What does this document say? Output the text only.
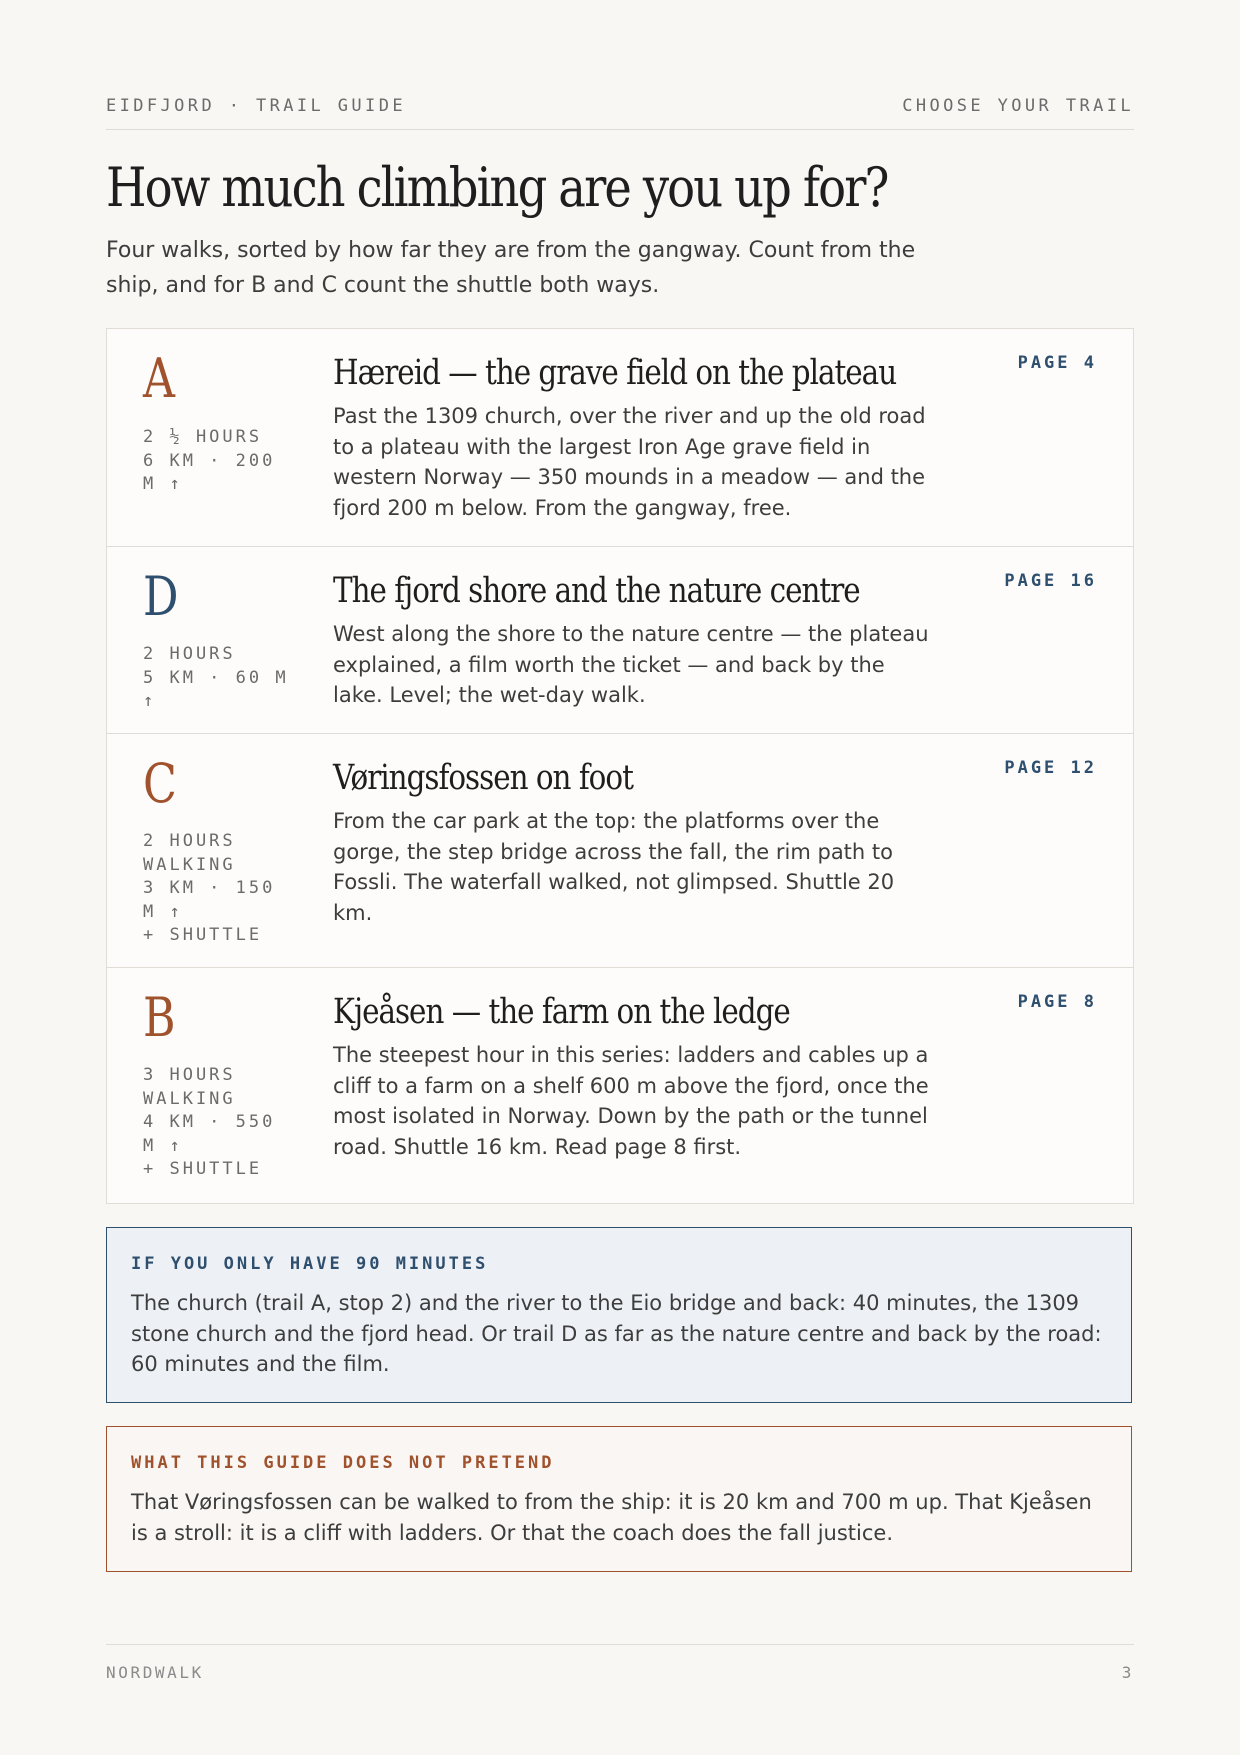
EIDFJORD · TRAIL GUIDE	CHOOSE YOUR TRAIL
How much climbing are you up for?

Four walks, sorted by how far they are from the gangway. Count from the ship, and for B and C count the shuttle both ways.

A
2 ½ HOURS
6 KM · 200
M ↑
Hæreid — the grave field on the plateau

Past the 1309 church, over the river and up the old road to a plateau with the largest Iron Age grave field in western Norway — 350 mounds in a meadow — and the fjord 200 m below. From the gangway, free.

PAGE 4
D
2 HOURS
5 KM · 60 M
↑
The fjord shore and the nature centre

West along the shore to the nature centre — the plateau explained, a film worth the ticket — and back by the lake. Level; the wet-day walk.

PAGE 16
C
2 HOURS
WALKING
3 KM · 150
M ↑
+ SHUTTLE
Vøringsfossen on foot

From the car park at the top: the platforms over the gorge, the step bridge across the fall, the rim path to Fossli. The waterfall walked, not glimpsed. Shuttle 20 km.

PAGE 12
B
3 HOURS
WALKING
4 KM · 550
M ↑
+ SHUTTLE
Kjeåsen — the farm on the ledge

The steepest hour in this series: ladders and cables up a cliff to a farm on a shelf 600 m above the fjord, once the most isolated in Norway. Down by the path or the tunnel road. Shuttle 16 km. Read page 8 first.

PAGE 8
IF YOU ONLY HAVE 90 MINUTES

The church (trail A, stop 2) and the river to the Eio bridge and back: 40 minutes, the 1309 stone church and the fjord head. Or trail D as far as the nature centre and back by the road: 60 minutes and the film.

WHAT THIS GUIDE DOES NOT PRETEND

That Vøringsfossen can be walked to from the ship: it is 20 km and 700 m up. That Kjeåsen is a stroll: it is a cliff with ladders. Or that the coach does the fall justice.

NORDWALK	3
